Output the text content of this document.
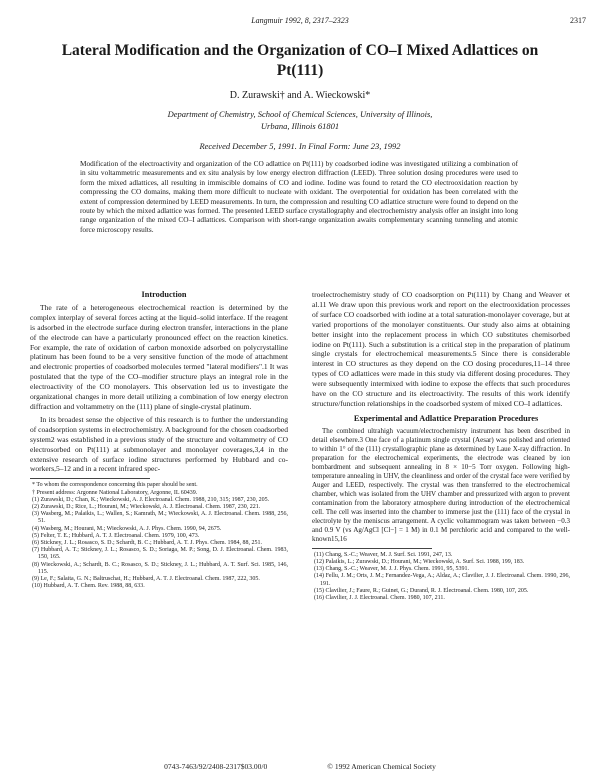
Langmuir 1992, 8, 2317–2323	2317
Lateral Modification and the Organization of CO–I Mixed Adlattices on Pt(111)
D. Zurawski† and A. Wieckowski*
Department of Chemistry, School of Chemical Sciences, University of Illinois,
Urbana, Illinois 61801
Received December 5, 1991. In Final Form: June 23, 1992
Modification of the electroactivity and organization of the CO adlattice on Pt(111) by coadsorbed iodine was investigated utilizing a combination of in situ voltammetric measurements and ex situ analysis by low energy electron diffraction (LEED). Three solution dosing procedures were used to form the mixed adlattices, all resulting in immiscible domains of CO and iodine. Iodine was found to retard the CO electrooxidation reaction by compressing the CO domains, making them more difficult to nucleate with oxidant. The overpotential for oxidation has been correlated with the extent of compression determined by LEED measurements. In turn, the compression and resulting CO adlattice structure were found to depend on the route by which the mixed adlattice was formed. The presented LEED surface crystallography and electrochemistry analysis offer an insight into long range organization of the mixed CO–I adlattices. Comparison with short-range organization awaits complementary scanning tunneling and atomic force microscopy results.

Introduction

The rate of a heterogeneous electrochemical reaction is determined by the complex interplay of several forces acting at the liquid–solid interface. If the reagent is adsorbed in the electrode surface during electron transfer, interactions in the plane of the electrode can have a particularly pronounced effect on the reaction kinetics. For example, the rate of oxidation of carbon monoxide adsorbed on polycrystalline platinum has been found to be a very sensitive function of the mode of attachment and electronic properties of coadsorbed molecules termed "lateral modifiers".1 It was postulated that the type of the CO–modifier structure plays an integral role in the electroactivity of the CO monolayers. This observation led us to investigate the organizational changes in more detail utilizing a combination of low energy electron diffraction and voltammetry on the (111) plane of single-crystal platinum.

In its broadest sense the objective of this research is to further the understanding of coadsorption systems in electrochemistry. A background for the chosen coadsorbed system2 was established in a previous study of the structure and voltammetry of CO electrosorbed on Pt(111) at submonolayer and monolayer coverages,3,4 in the extensive research of surface iodine structures performed by Hubbard and co-workers,5–12 and in a recent infrared spec-

* To whom the correspondence concerning this paper should be sent.
† Present address: Argonne National Laboratory, Argonne, IL 60439.
(1) Zurawski, D.; Chan, K.; Wieckowski, A. J. Electroanal. Chem. 1988, 210, 315; 1987, 230, 205.
(2) Zurawski, D.; Rice, L.; Hourani, M.; Wieckowski, A. J. Electroanal. Chem. 1987, 230, 221.
(3) Wasberg, M.; Palaikis, L.; Wallen, S.; Kamrath, M.; Wieckowski, A. J. Electroanal. Chem. 1988, 256, 51.
(4) Wasberg, M.; Hourani, M.; Wieckowski, A. J. Phys. Chem. 1990, 94, 2675.
(5) Felter, T. E.; Hubbard, A. T. J. Electroanal. Chem. 1979, 100, 473.
(6) Stickney, J. L.; Rosasco, S. D.; Schardt, B. C.; Hubbard, A. T. J. Phys. Chem. 1984, 88, 251.
(7) Hubbard, A. T.; Stickney, J. L.; Rosasco, S. D.; Soriaga, M. P.; Song, D. J. Electroanal. Chem. 1983, 150, 165.
(8) Wieckowski, A.; Schardt, B. C.; Rosasco, S. D.; Stickney, J. L.; Hubbard, A. T. Surf. Sci. 1985, 146, 115.
(9) Le, F.; Salaita, G. N.; Baltruschat, H.; Hubbard, A. T. J. Electroanal. Chem. 1987, 222, 305.
(10) Hubbard, A. T. Chem. Rev. 1988, 88, 633.

troelectrochemistry study of CO coadsorption on Pt(111) by Chang and Weaver et al.11 We draw upon this previous work and report on the electrooxidation processes of surface CO coadsorbed with iodine at a total saturation-monolayer coverage, but at varied proportions of the monolayer constituents. Our study also aims at obtaining better insight into the replacement process in which CO substitutes chemisorbed iodine on Pt(111). Such a substitution is a critical step in the preparation of platinum single crystals for electrochemical measurements.5 Since there is considerable interest in CO structures as they depend on the CO dosing procedures,11–14 three types of CO adlattices were made in this study via different dosing procedures. They were subsequently intermixed with iodine to expose the effects that such procedures have on the CO structure and its electroactivity. The results of this work identify structure/function relationships in the coadsorbed system of mixed CO–I adlattices.

Experimental and Adlattice Preparation Procedures

The combined ultrahigh vacuum/electrochemistry instrument has been described in detail elsewhere.3 One face of a platinum single crystal (Aesar) was polished and oriented to within 1° of the (111) crystallographic plane as determined by Laue X-ray diffraction. In preparation for the electrochemical experiments, the electrode was cleaned by ion bombardment and subsequent annealing in 8 × 10−5 Torr oxygen. Following high-temperature annealing in UHV, the cleanliness and order of the crystal face were verified by Auger and LEED, respectively. The crystal was then transferred to the electrochemical chamber, which was isolated from the UHV chamber and pressurized with argon to prevent contamination from the laboratory atmosphere during introduction of the electrochemical cell. The cell was inserted into the chamber to immerse just the (111) face of the crystal in electrolyte by the meniscus arrangement. A cyclic voltammogram was taken between −0.3 and 0.9 V (vs Ag/AgCl [Cl−] = 1 M) in 0.1 M perchloric acid and compared to the well-known15,16

(11) Chang, S.-C.; Weaver, M. J. Surf. Sci. 1991, 247, 13.
(12) Palaikis, L.; Zurawski, D.; Hourani, M.; Wieckowski, A. Surf. Sci. 1988, 199, 183.
(13) Chang, S.-C.; Weaver, M. J. J. Phys. Chem. 1991, 95, 5391.
(14) Fellu, J. M.; Orts, J. M.; Fernandez-Vega, A.; Aldaz, A.; Clavilier, J. J. Electroanal. Chem. 1990, 296, 191.
(15) Clavilier, J.; Faure, R.; Guinet, G.; Durand, R. J. Electroanal. Chem. 1980, 107, 205.
(16) Clavilier, J. J. Electroanal. Chem. 1980, 107, 211.
0743-7463/92/2408-2317$03.00/0	© 1992 American Chemical Society
